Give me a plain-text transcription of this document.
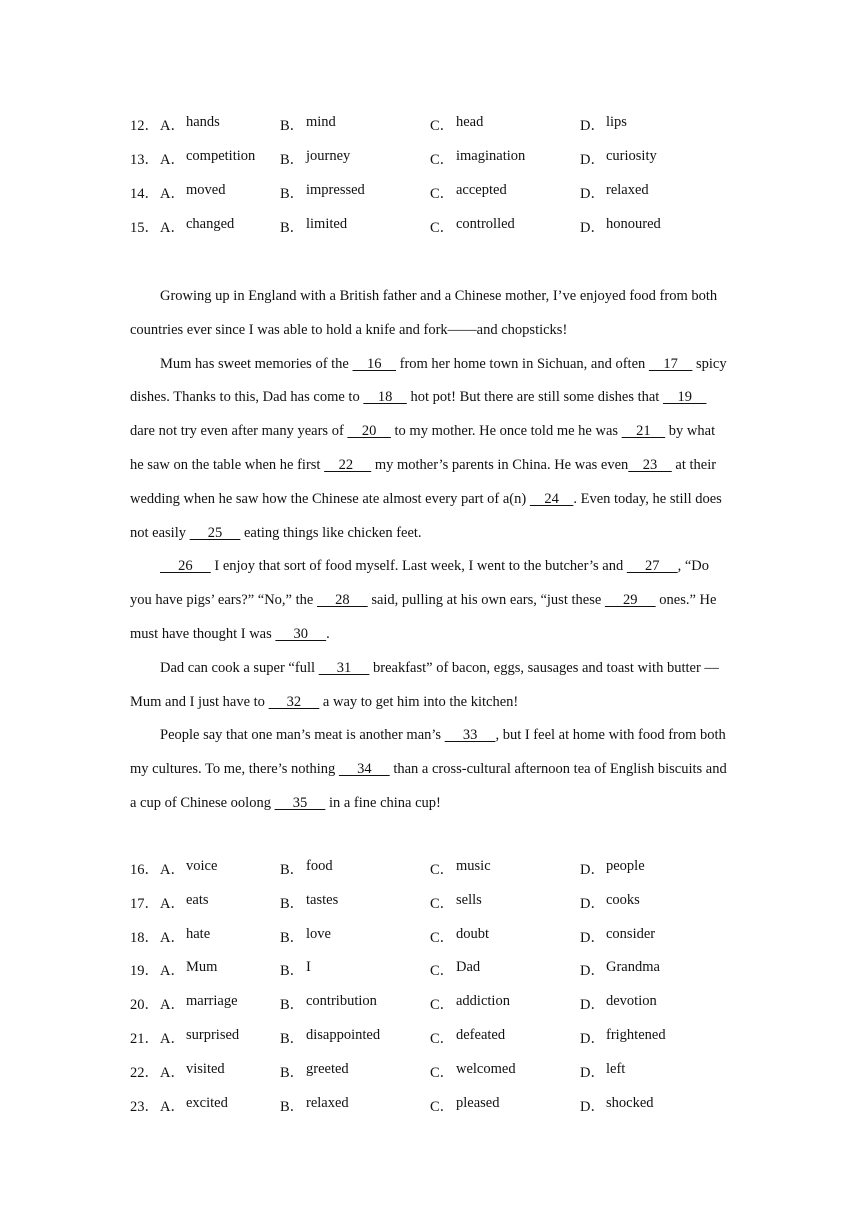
12． A． hands	B． mind	C． head	D． lips
13． A． competition B． journey	C． imagination	D． curiosity
14． A． moved	B． impressed	C． accepted	D． relaxed
15． A． changed	B． limited	C． controlled	D． honoured

Growing up in England with a British father and a Chinese mother, I’ve enjoyed food from both countries ever since I was able to hold a knife and fork——and chopsticks!

Mum has sweet memories of the     16     from her home town in Sichuan, and often     17     spicy dishes. Thanks to this, Dad has come to     18     hot pot! But there are still some dishes that     19     dare not try even after many years of     20     to my mother. He once told me he was     21     by what he saw on the table when he first     22      my mother’s parents in China. He was even    23     at their wedding when he saw how the Chinese ate almost every part of a(n)     24    . Even today, he still does not easily      25      eating things like chicken feet.

26      I enjoy that sort of food myself. Last week, I went to the butcher’s and      27     , “Do you have pigs’ ears?” “No,” the      28      said, pulling at his own ears, “just these      29      ones.” He must have thought I was      30     .

Dad can cook a super “full      31      breakfast” of bacon, eggs, sausages and toast with butter — Mum and I just have to      32      a way to get him into the kitchen!

People say that one man’s meat is another man’s      33     , but I feel at home with food from both my cultures. To me, there’s nothing      34      than a cross-cultural afternoon tea of English biscuits and a cup of Chinese oolong      35      in a fine china cup!

16． A． voice	B． food	C． music	D． people
17． A． eats	B． tastes	C． sells	D． cooks
18． A． hate	B． love	C． doubt	D． consider
19． A． Mum	B． I	C． Dad	D． Grandma
20． A． marriage	B． contribution	C． addiction	D． devotion
21． A． surprised	B． disappointed	C． defeated	D． frightened
22． A． visited	B． greeted	C． welcomed	D． left
23． A． excited	B． relaxed	C． pleased	D． shocked
